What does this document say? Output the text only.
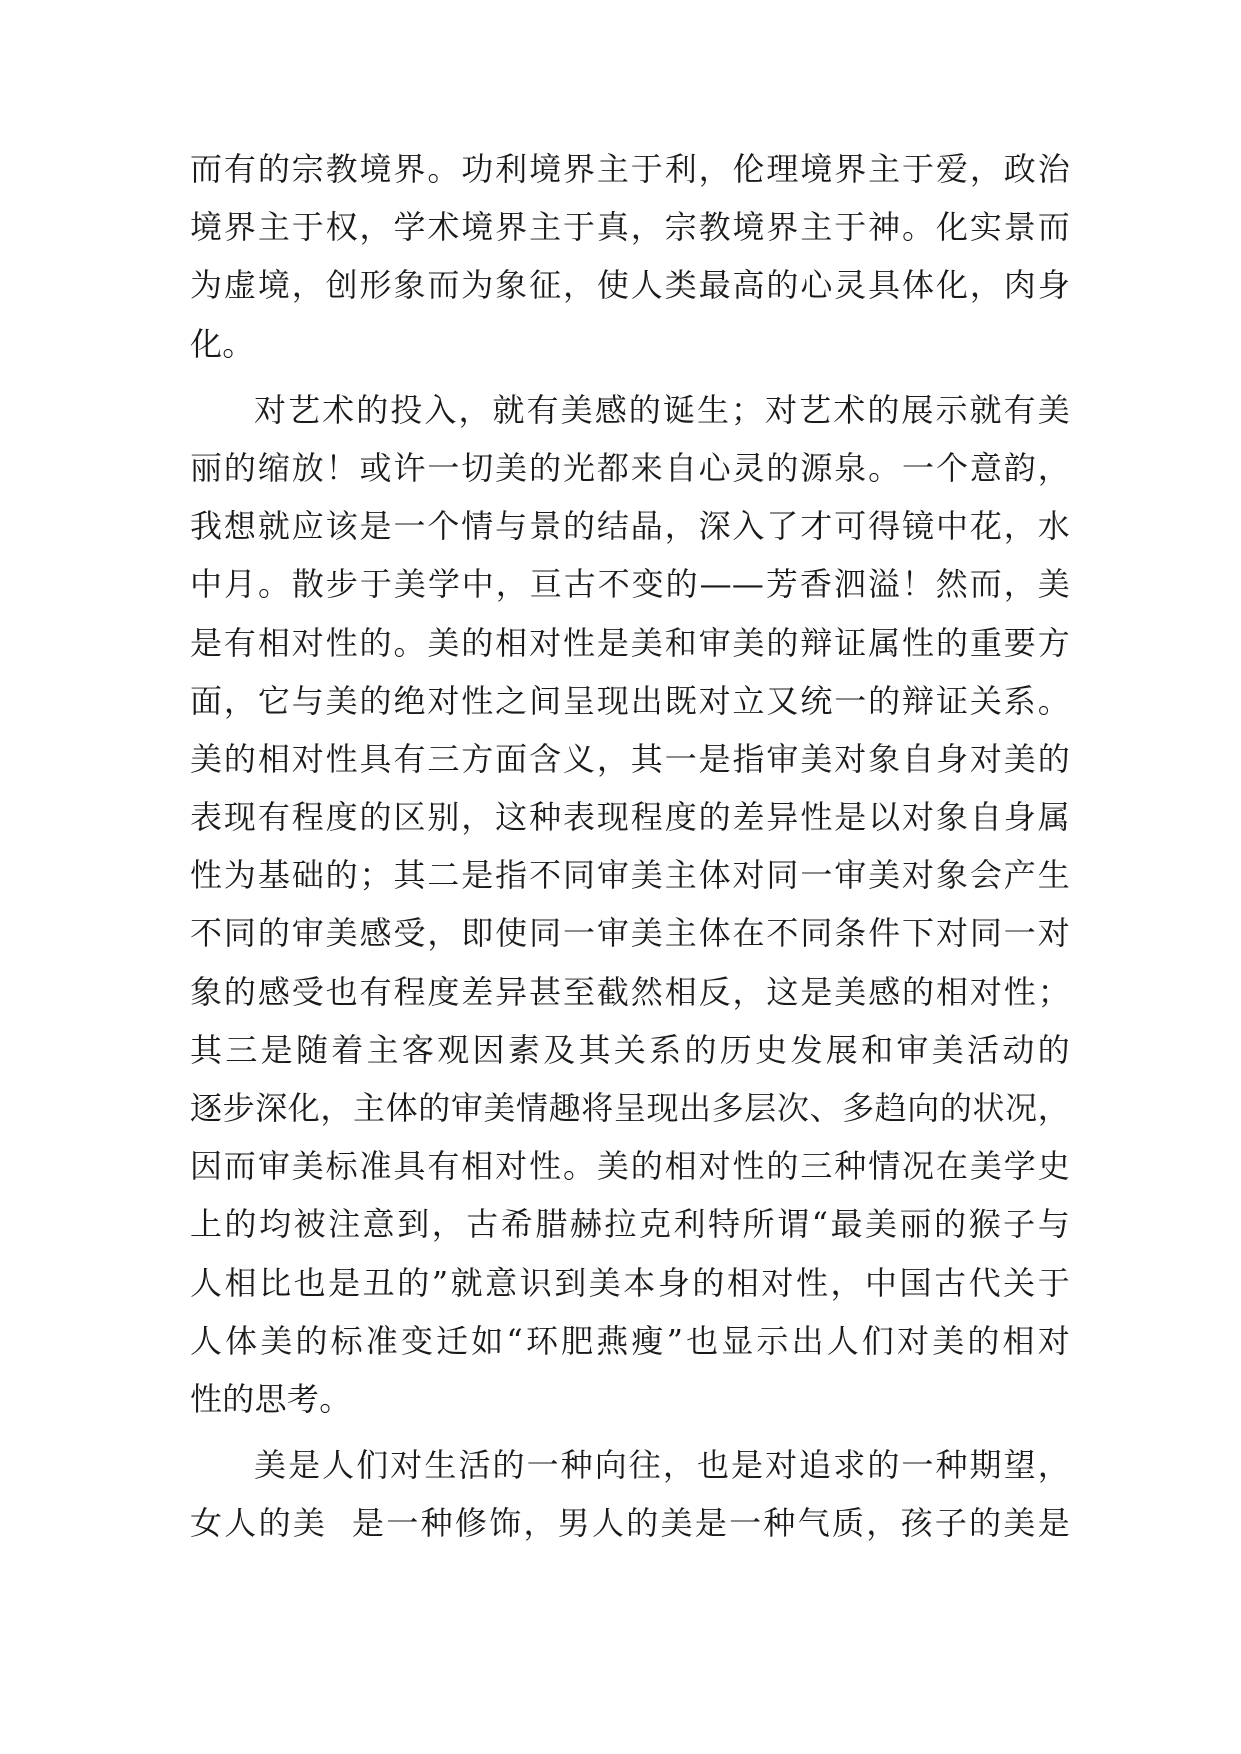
而有的宗教境界。功利境界主于利，伦理境界主于爱，政治
境界主于权，学术境界主于真，宗教境界主于神。化实景而
为虚境，创形象而为象征，使人类最高的心灵具体化，肉身
化。
对艺术的投入，就有美感的诞生；对艺术的展示就有美
丽的缩放！或许一切美的光都来自心灵的源泉。一个意韵，
我想就应该是一个情与景的结晶，深入了才可得镜中花，水
中月。散步于美学中，亘古不变的——芳香泗溢！然而，美
是有相对性的。美的相对性是美和审美的辩证属性的重要方
面，它与美的绝对性之间呈现出既对立又统一的辩证关系。
美的相对性具有三方面含义，其一是指审美对象自身对美的
表现有程度的区别，这种表现程度的差异性是以对象自身属
性为基础的；其二是指不同审美主体对同一审美对象会产生
不同的审美感受，即使同一审美主体在不同条件下对同一对
象的感受也有程度差异甚至截然相反，这是美感的相对性；
其三是随着主客观因素及其关系的历史发展和审美活动的
逐步深化，主体的审美情趣将呈现出多层次、多趋向的状况，
因而审美标准具有相对性。美的相对性的三种情况在美学史
上的均被注意到，古希腊赫拉克利特所谓“最美丽的猴子与
人相比也是丑的”就意识到美本身的相对性，中国古代关于
人体美的标准变迁如“环肥燕瘦”也显示出人们对美的相对
性的思考。
美是人们对生活的一种向往，也是对追求的一种期望，
女人的美  是一种修饰，男人的美是一种气质，孩子的美是
